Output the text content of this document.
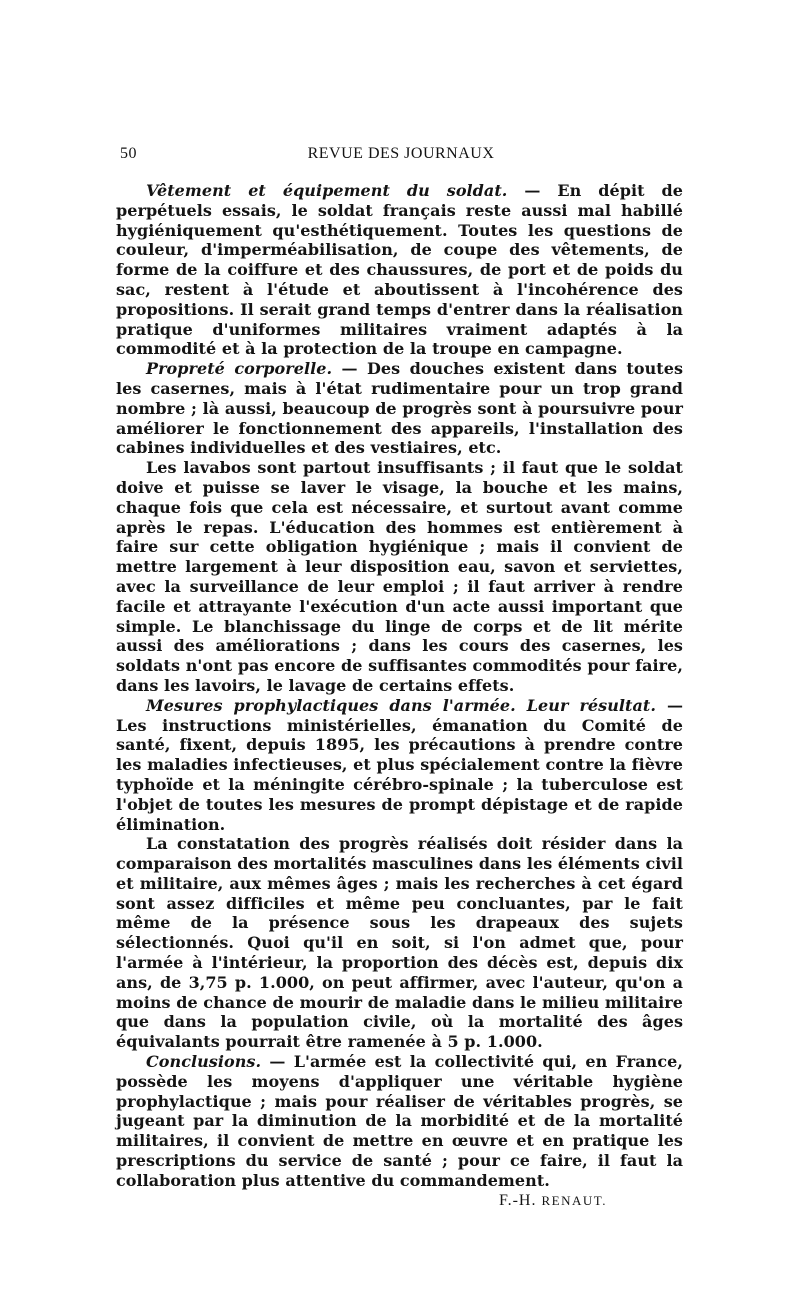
50	REVUE DES JOURNAUX

Vêtement et équipement du soldat. — En dépit de perpétuels essais, le soldat français reste aussi mal habillé hygiéniquement qu'esthétiquement. Toutes les questions de couleur, d'imperméabilisation, de coupe des vêtements, de forme de la coiffure et des chaussures, de port et de poids du sac, restent à l'étude et aboutissent à l'incohérence des propositions. Il serait grand temps d'entrer dans la réalisation pratique d'uniformes militaires vraiment adaptés à la commodité et à la protection de la troupe en campagne.

Propreté corporelle. — Des douches existent dans toutes les casernes, mais à l'état rudimentaire pour un trop grand nombre ; là aussi, beaucoup de progrès sont à poursuivre pour améliorer le fonctionnement des appareils, l'installation des cabines individuelles et des vestiaires, etc.

Les lavabos sont partout insuffisants ; il faut que le soldat doive et puisse se laver le visage, la bouche et les mains, chaque fois que cela est nécessaire, et surtout avant comme après le repas. L'éducation des hommes est entièrement à faire sur cette obligation hygiénique ; mais il convient de mettre largement à leur disposition eau, savon et serviettes, avec la surveillance de leur emploi ; il faut arriver à rendre facile et attrayante l'exécution d'un acte aussi important que simple. Le blanchissage du linge de corps et de lit mérite aussi des améliorations ; dans les cours des casernes, les soldats n'ont pas encore de suffisantes commodités pour faire, dans les lavoirs, le lavage de certains effets.

Mesures prophylactiques dans l'armée. Leur résultat. — Les instructions ministérielles, émanation du Comité de santé, fixent, depuis 1895, les précautions à prendre contre les maladies infectieuses, et plus spécialement contre la fièvre typhoïde et la méningite cérébro-spinale ; la tuberculose est l'objet de toutes les mesures de prompt dépistage et de rapide élimination.

La constatation des progrès réalisés doit résider dans la comparaison des mortalités masculines dans les éléments civil et militaire, aux mêmes âges ; mais les recherches à cet égard sont assez difficiles et même peu concluantes, par le fait même de la présence sous les drapeaux des sujets sélectionnés. Quoi qu'il en soit, si l'on admet que, pour l'armée à l'intérieur, la proportion des décès est, depuis dix ans, de 3,75 p. 1.000, on peut affirmer, avec l'auteur, qu'on a moins de chance de mourir de maladie dans le milieu militaire que dans la population civile, où la mortalité des âges équivalants pourrait être ramenée à 5 p. 1.000.

Conclusions. — L'armée est la collectivité qui, en France, possède les moyens d'appliquer une véritable hygiène prophylactique ; mais pour réaliser de véritables progrès, se jugeant par la diminution de la morbidité et de la mortalité militaires, il convient de mettre en œuvre et en pratique les prescriptions du service de santé ; pour ce faire, il faut la collaboration plus attentive du commandement.

F.-H. RENAUT.
